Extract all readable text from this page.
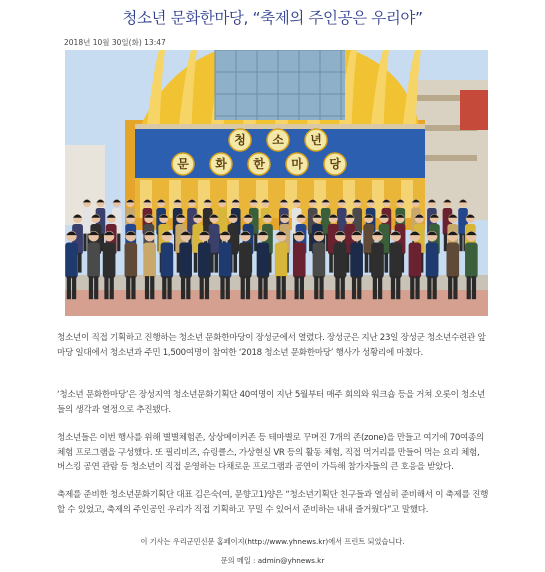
청소년 문화한마당, “축제의 주인공은 우리야”
2018년 10월 30일(화) 13:47
청 소 년
문 화 한 마 당
청소년이 직접 기획하고 진행하는 청소년 문화한마당이 장성군에서 열렸다. 장성군은 지난 23일 장성군 청소년수련관 앞마당 일대에서 청소년과 주민 1,500여명이 참여한 ‘2018 청소년 문화한마당’ 행사가 성황리에 마쳤다.
‘청소년 문화한마당’은 장성지역 청소년문화기획단 40여명이 지난 5월부터 매주 회의와 워크숍 등을 거쳐 오롯이 청소년들의 생각과 열정으로 추진됐다.
청소년들은 이번 행사를 위해 별별체험존, 상상메이커존 등 테마별로 꾸며진 7개의 존(zone)을 만들고 여기에 70여종의 체험 프로그램을 구성했다. 또 필리비즈, 슈링클스, 가상현실 VR 등의 활동 체험, 직접 먹거리를 만들어 먹는 요리 체험, 버스킹 공연 관람 등 청소년이 직접 운영하는 다채로운 프로그램과 공연이 가득해 참가자들의 큰 호응을 받았다.
축제를 준비한 청소년문화기획단 대표 김은숙(여, 문향고1)양은 “청소년기획단 친구들과 열심히 준비해서 이 축제를 진행할 수 있었고, 축제의 주인공인 우리가 직접 기획하고 꾸밀 수 있어서 준비하는 내내 즐거웠다”고 말했다.
이 기사는 우리군민신문 홈페이지(http://www.yhnews.kr)에서 프린트 되었습니다.
문의 메일 : admin@yhnews.kr
